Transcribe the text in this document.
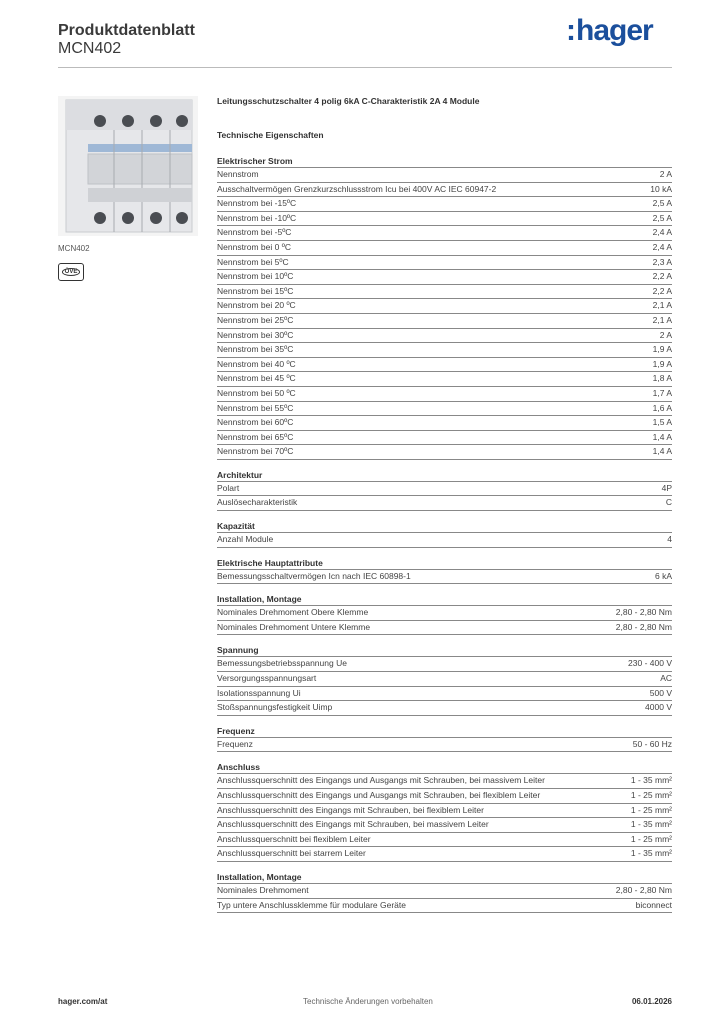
Produktdatenblatt
MCN402
:hager
MCN402
ÖVE
Leitungsschutzschalter 4 polig 6kA C-Charakteristik 2A 4 Module
Technische Eigenschaften
Elektrischer Strom
Nennstrom	2 A
Ausschaltvermögen Grenzkurzschlussstrom Icu bei 400V AC IEC 60947-2	10 kA
Nennstrom bei -15ºC	2,5 A
Nennstrom bei -10ºC	2,5 A
Nennstrom bei -5ºC	2,4 A
Nennstrom bei 0 ºC	2,4 A
Nennstrom bei 5ºC	2,3 A
Nennstrom bei 10ºC	2,2 A
Nennstrom bei 15ºC	2,2 A
Nennstrom bei 20 ºC	2,1 A
Nennstrom bei 25ºC	2,1 A
Nennstrom bei 30ºC	2 A
Nennstrom bei 35ºC	1,9 A
Nennstrom bei 40 ºC	1,9 A
Nennstrom bei 45 ºC	1,8 A
Nennstrom bei 50 ºC	1,7 A
Nennstrom bei 55ºC	1,6 A
Nennstrom bei 60ºC	1,5 A
Nennstrom bei 65ºC	1,4 A
Nennstrom bei 70ºC	1,4 A
Architektur
Polart	4P
Auslösecharakteristik	C
Kapazität
Anzahl Module	4
Elektrische Hauptattribute
Bemessungsschaltvermögen Icn nach IEC 60898-1	6 kA
Installation, Montage
Nominales Drehmoment Obere Klemme	2,80 - 2,80 Nm
Nominales Drehmoment Untere Klemme	2,80 - 2,80 Nm
Spannung
Bemessungsbetriebsspannung Ue	230 - 400 V
Versorgungsspannungsart	AC
Isolationsspannung Ui	500 V
Stoßspannungsfestigkeit Uimp	4000 V
Frequenz
Frequenz	50 - 60 Hz
Anschluss
Anschlussquerschnitt des Eingangs und Ausgangs mit Schrauben, bei massivem Leiter	1 - 35 mm²
Anschlussquerschnitt des Eingangs und Ausgangs mit Schrauben, bei flexiblem Leiter	1 - 25 mm²
Anschlussquerschnitt des Eingangs mit Schrauben, bei flexiblem Leiter	1 - 25 mm²
Anschlussquerschnitt des Eingangs mit Schrauben, bei massivem Leiter	1 - 35 mm²
Anschlussquerschnitt bei flexiblem Leiter	1 - 25 mm²
Anschlussquerschnitt bei starrem Leiter	1 - 35 mm²
Installation, Montage
Nominales Drehmoment	2,80 - 2,80 Nm
Typ untere Anschlussklemme für modulare Geräte	biconnect
hager.com/at	Technische Änderungen vorbehalten	06.01.2026
